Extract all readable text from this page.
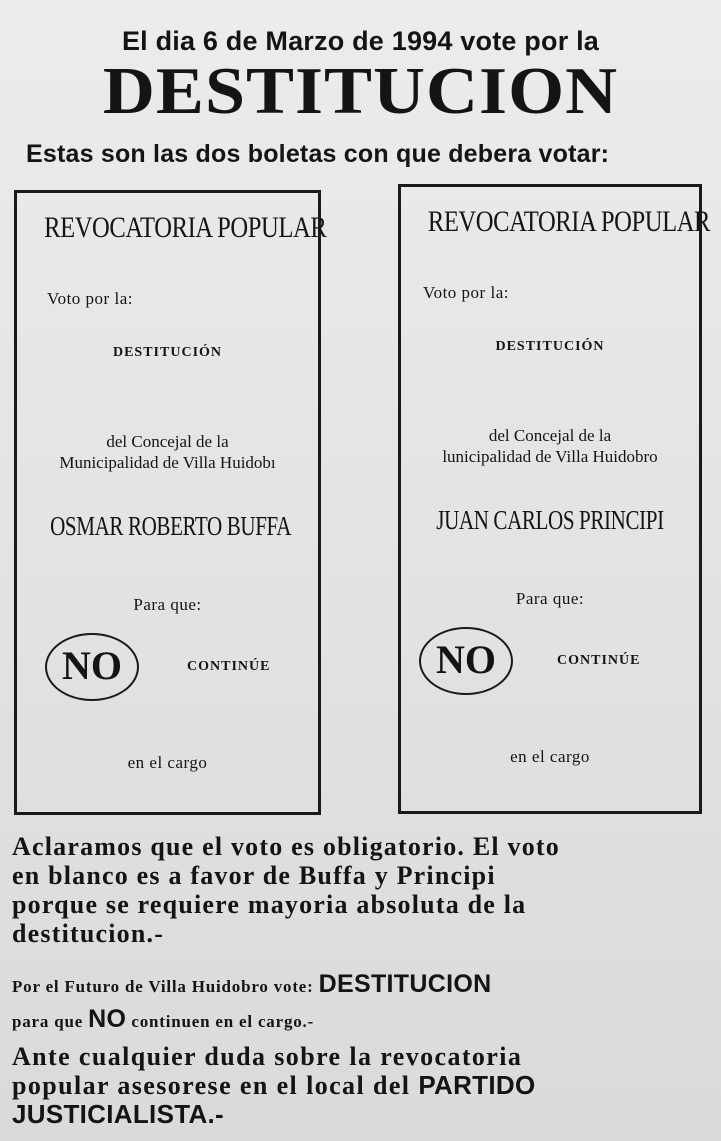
El dia 6 de Marzo de 1994 vote por la
DESTITUCION
Estas son las dos boletas con que debera votar:
REVOCATORIA POPULAR
Voto por la:
DESTITUCIÓN
del Concejal de la
Municipalidad de Villa Huidobı
OSMAR ROBERTO BUFFA
Para que:
NO	CONTINÚE
en el cargo
REVOCATORIA POPULAR
Voto por la:
DESTITUCIÓN
del Concejal de la
lunicipalidad de Villa Huidobro
JUAN CARLOS PRINCIPI
Para que:
NO	CONTINÚE
en el cargo
Aclaramos que el voto es obligatorio. El voto
en blanco es a favor de Buffa y Principi
porque se requiere mayoria absoluta de la
destitucion.-
Por el Futuro de Villa Huidobro vote: DESTITUCION
para que NO continuen en el cargo.-
Ante cualquier duda sobre la revocatoria
popular asesorese en el local del PARTIDO
JUSTICIALISTA.-
